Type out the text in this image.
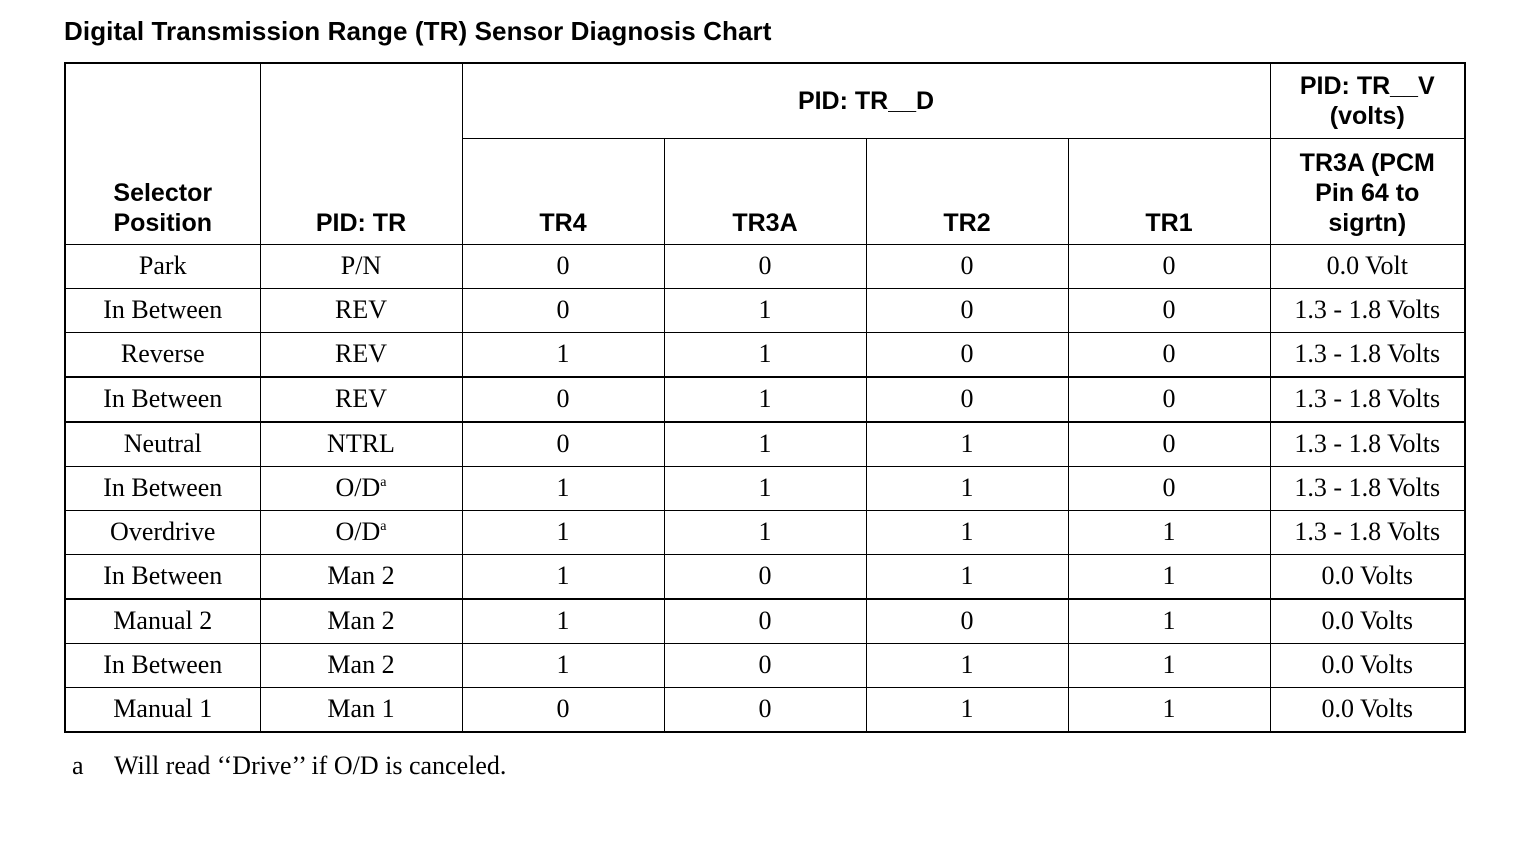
Digital Transmission Range (TR) Sensor Diagnosis Chart
Selector Position	PID: TR	PID: TR__D				PID: TR__V (volts)
		TR4	TR3A	TR2	TR1	TR3A (PCM Pin 64 to sigrtn)
Park	P/N	0	0	0	0	0.0 Volt
In Between	REV	0	1	0	0	1.3 - 1.8 Volts
Reverse	REV	1	1	0	0	1.3 - 1.8 Volts
In Between	REV	0	1	0	0	1.3 - 1.8 Volts
Neutral	NTRL	0	1	1	0	1.3 - 1.8 Volts
In Between	O/D$^a$	1	1	1	0	1.3 - 1.8 Volts
Overdrive	O/D$^a$	1	1	1	1	1.3 - 1.8 Volts
In Between	Man 2	1	0	1	1	0.0 Volts
Manual 2	Man 2	1	0	0	1	0.0 Volts
In Between	Man 2	1	0	1	1	0.0 Volts
Manual 1	Man 1	0	0	1	1	0.0 Volts
a Will read ‘‘Drive’’ if O/D is canceled.
